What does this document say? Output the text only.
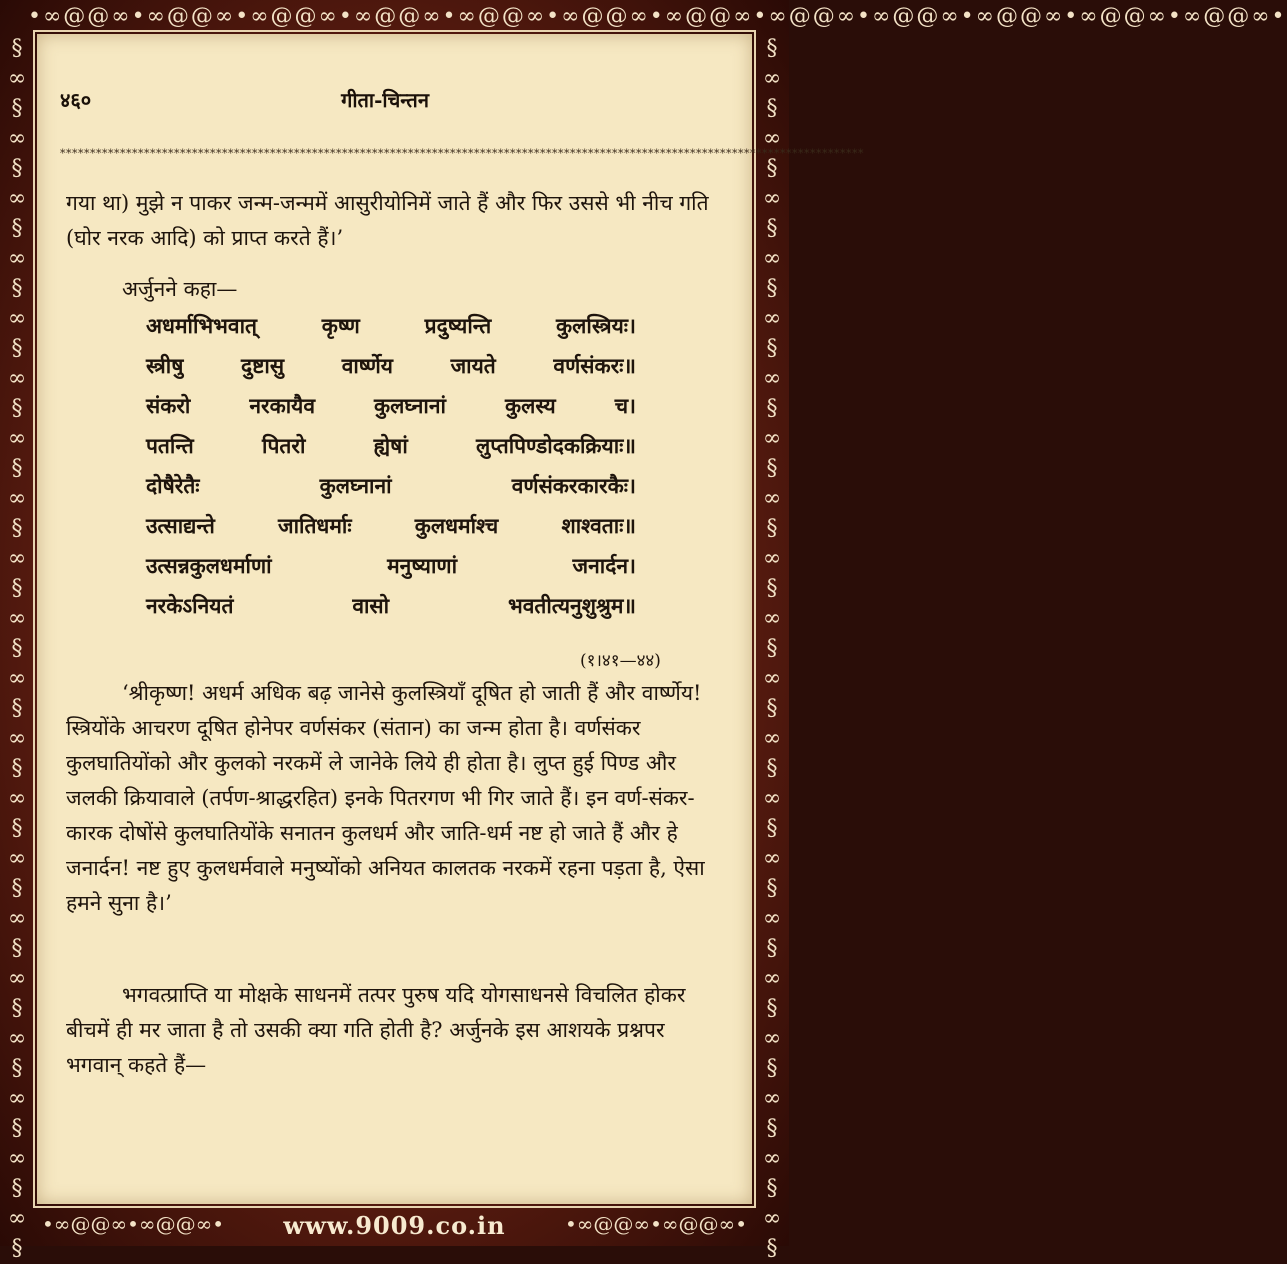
•∞@@∞•∞@@∞•∞@@∞•∞@@∞•∞@@∞•∞@@∞•∞@@∞•∞@@∞•∞@@∞•∞@@∞•∞@@∞•∞@@∞•
§
∞
§
∞
§
∞
§
∞
§
∞
§
∞
§
∞
§
∞
§
∞
§
∞
§
∞
§
∞
§
∞
§
∞
§
∞
§
∞
§
∞
§
∞
§
∞
§
∞
§
§
∞
§
∞
§
∞
§
∞
§
∞
§
∞
§
∞
§
∞
§
∞
§
∞
§
∞
§
∞
§
∞
§
∞
§
∞
§
∞
§
∞
§
∞
§
∞
§
∞
§
४६०	गीता-चिन्तन
**************************************************************************************************************************************
गया था) मुझे न पाकर जन्म-जन्ममें आसुरीयोनिमें जाते हैं और फिर उससे भी नीच गति (घोर नरक आदि) को प्राप्त करते हैं।’
अर्जुनने कहा—
अधर्माभिभवात्	कृष्ण	प्रदुष्यन्ति	कुलस्त्रियः।
स्त्रीषु	दुष्टासु	वार्ष्णेय	जायते	वर्णसंकरः॥
संकरो	नरकायैव	कुलघ्नानां	कुलस्य	च।
पतन्ति	पितरो	ह्येषां	लुप्तपिण्डोदकक्रियाः॥
दोषैरेतैः	कुलघ्नानां	वर्णसंकरकारकैः।
उत्साद्यन्ते	जातिधर्माः	कुलधर्माश्च	शाश्वताः॥
उत्सन्नकुलधर्माणां	मनुष्याणां	जनार्दन।
नरकेऽनियतं	वासो	भवतीत्यनुशुश्रुम॥
(१।४१—४४)
‘श्रीकृष्ण! अधर्म अधिक बढ़ जानेसे कुलस्त्रियाँ दूषित हो जाती हैं और वार्ष्णेय! स्त्रियोंके आचरण दूषित होनेपर वर्णसंकर (संतान) का जन्म होता है। वर्णसंकर कुलघातियोंको और कुलको नरकमें ले जानेके लिये ही होता है। लुप्त हुई पिण्ड और जलकी क्रियावाले (तर्पण-श्राद्धरहित) इनके पितरगण भी गिर जाते हैं। इन वर्ण-संकर-कारक दोषोंसे कुलघातियोंके सनातन कुलधर्म और जाति-धर्म नष्ट हो जाते हैं और हे जनार्दन! नष्ट हुए कुलधर्मवाले मनुष्योंको अनियत कालतक नरकमें रहना पड़ता है, ऐसा हमने सुना है।’
भगवत्प्राप्ति या मोक्षके साधनमें तत्पर पुरुष यदि योगसाधनसे विचलित होकर बीचमें ही मर जाता है तो उसकी क्या गति होती है? अर्जुनके इस आशयके प्रश्नपर भगवान् कहते हैं—
•∞@@∞•∞@@∞•	www.9009.co.in	•∞@@∞•∞@@∞•
